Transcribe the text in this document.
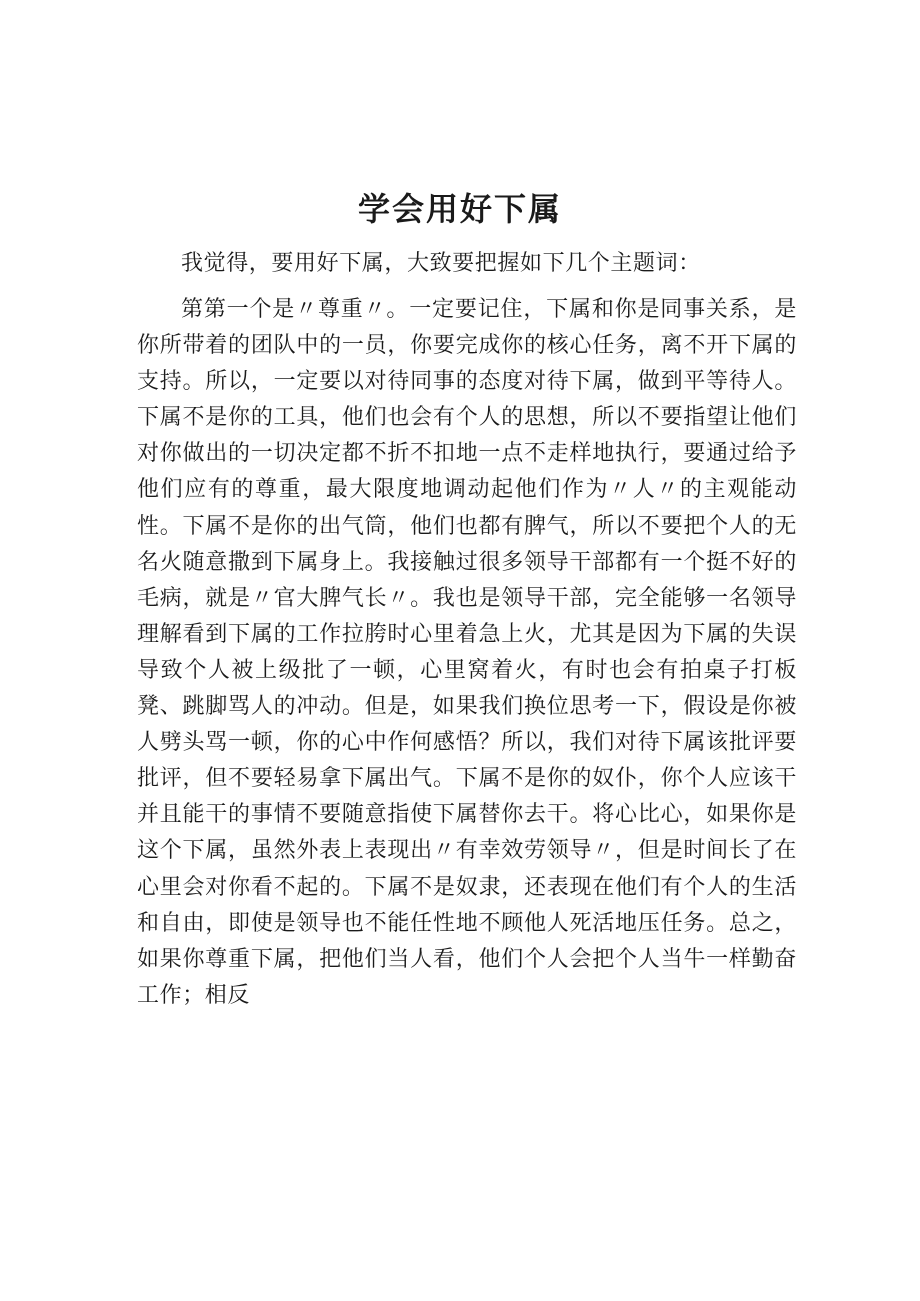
学会用好下属

我觉得，要用好下属，大致要把握如下几个主题词：

第第一个是〃尊重〃。一定要记住，下属和你是同事关系，是你所带着的团队中的一员，你要完成你的核心任务，离不开下属的支持。所以，一定要以对待同事的态度对待下属，做到平等待人。下属不是你的工具，他们也会有个人的思想，所以不要指望让他们对你做出的一切决定都不折不扣地一点不走样地执行，要通过给予他们应有的尊重，最大限度地调动起他们作为〃人〃的主观能动性。下属不是你的出气筒，他们也都有脾气，所以不要把个人的无名火随意撒到下属身上。我接触过很多领导干部都有一个挺不好的毛病，就是〃官大脾气长〃。我也是领导干部，完全能够一名领导理解看到下属的工作拉胯时心里着急上火，尤其是因为下属的失误导致个人被上级批了一顿，心里窝着火，有时也会有拍桌子打板凳、跳脚骂人的冲动。但是，如果我们换位思考一下，假设是你被人劈头骂一顿，你的心中作何感悟？所以，我们对待下属该批评要批评，但不要轻易拿下属出气。下属不是你的奴仆，你个人应该干并且能干的事情不要随意指使下属替你去干。将心比心，如果你是这个下属，虽然外表上表现出〃有幸效劳领导〃，但是时间长了在心里会对你看不起的。下属不是奴隶，还表现在他们有个人的生活和自由，即使是领导也不能任性地不顾他人死活地压任务。总之，如果你尊重下属，把他们当人看，他们个人会把个人当牛一样勤奋工作；相反
